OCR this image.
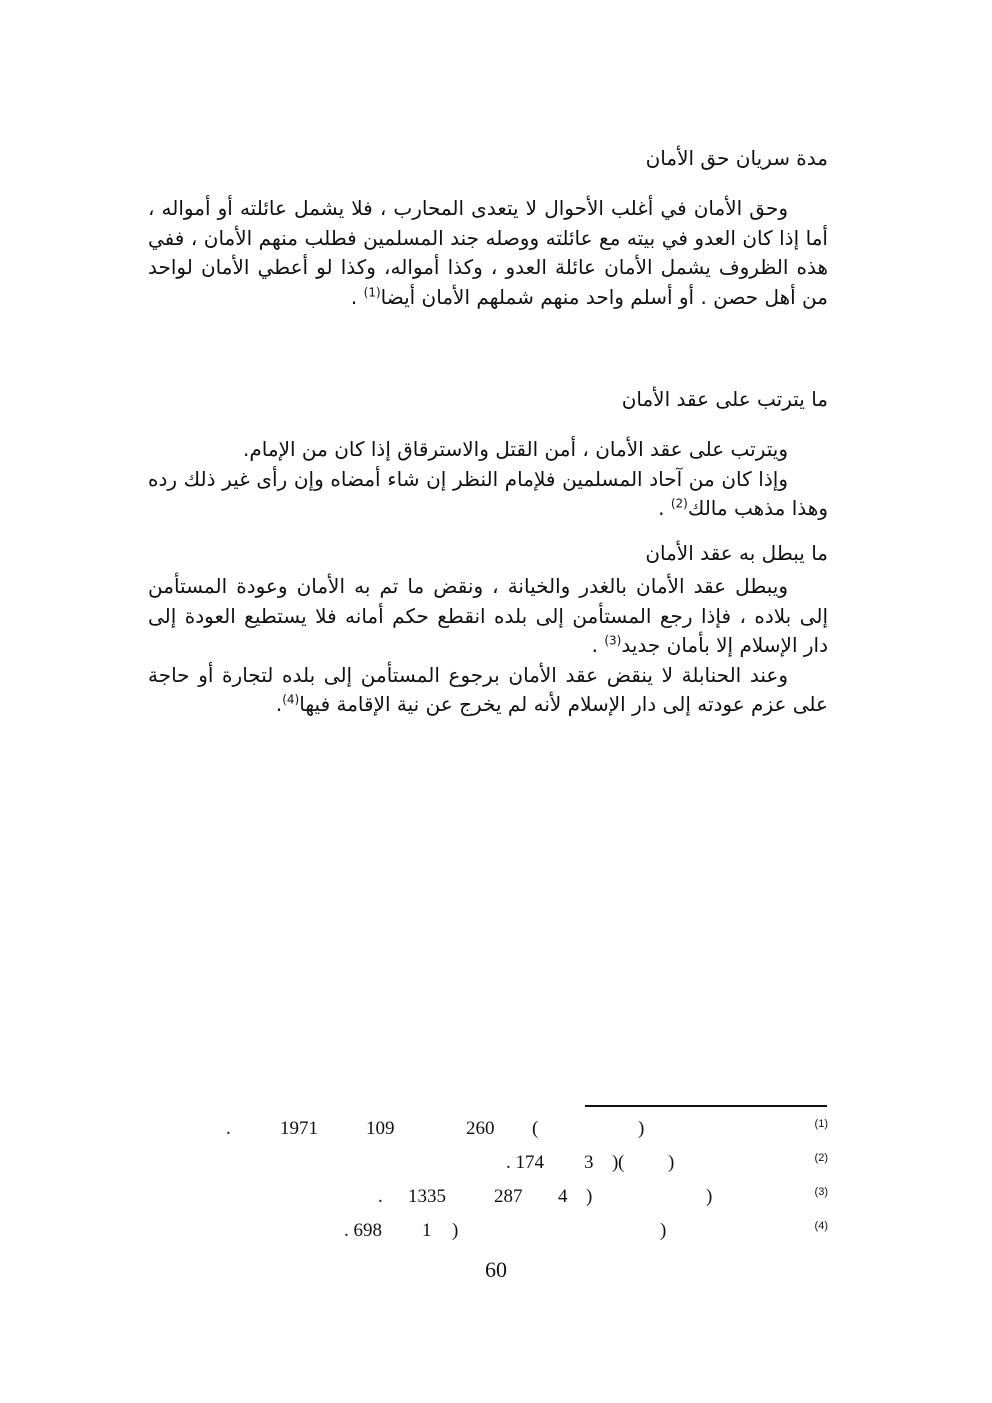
مدة سريان حق الأمان

وحق الأمان في أغلب الأحوال لا يتعدى المحارب ، فلا يشمل عائلته أو أمواله ، أما إذا كان العدو في بيته مع عائلته ووصله جند المسلمين فطلب منهم الأمان ، ففي هذه الظروف يشمل الأمان عائلة العدو ، وكذا أمواله، وكذا لو أعطي الأمان لواحد من أهل حصن . أو أسلم واحد منهم شملهم الأمان أيضا$^{(1)}$ .

ما يترتب على عقد الأمان

ويترتب على عقد الأمان ، أمن القتل والاسترقاق إذا كان من الإمام.

وإذا كان من آحاد المسلمين فلإمام النظر إن شاء أمضاه وإن رأى غير ذلك رده وهذا مذهب مالك$^{(2)}$ .

ما يبطل به عقد الأمان

ويبطل عقد الأمان بالغدر والخيانة ، ونقض ما تم به الأمان وعودة المستأمن إلى بلاده ، فإذا رجع المستأمن إلى بلده انقطع حكم أمانه فلا يستطيع العودة إلى دار الإسلام إلا بأمان جديد$^{(3)}$ .

وعند الحنابلة لا ينقض عقد الأمان برجوع المستأمن إلى بلده لتجارة أو حاجة على عزم عودته إلى دار الإسلام لأنه لم يخرج عن نية الإقامة فيها$^{(4)}$.

(1)
.	1971	109	260 (	)
(2)
. 174 3 ) ( )
(3)
. 1335	287 4 )	)
(4)
. 698 1 )	)
60
